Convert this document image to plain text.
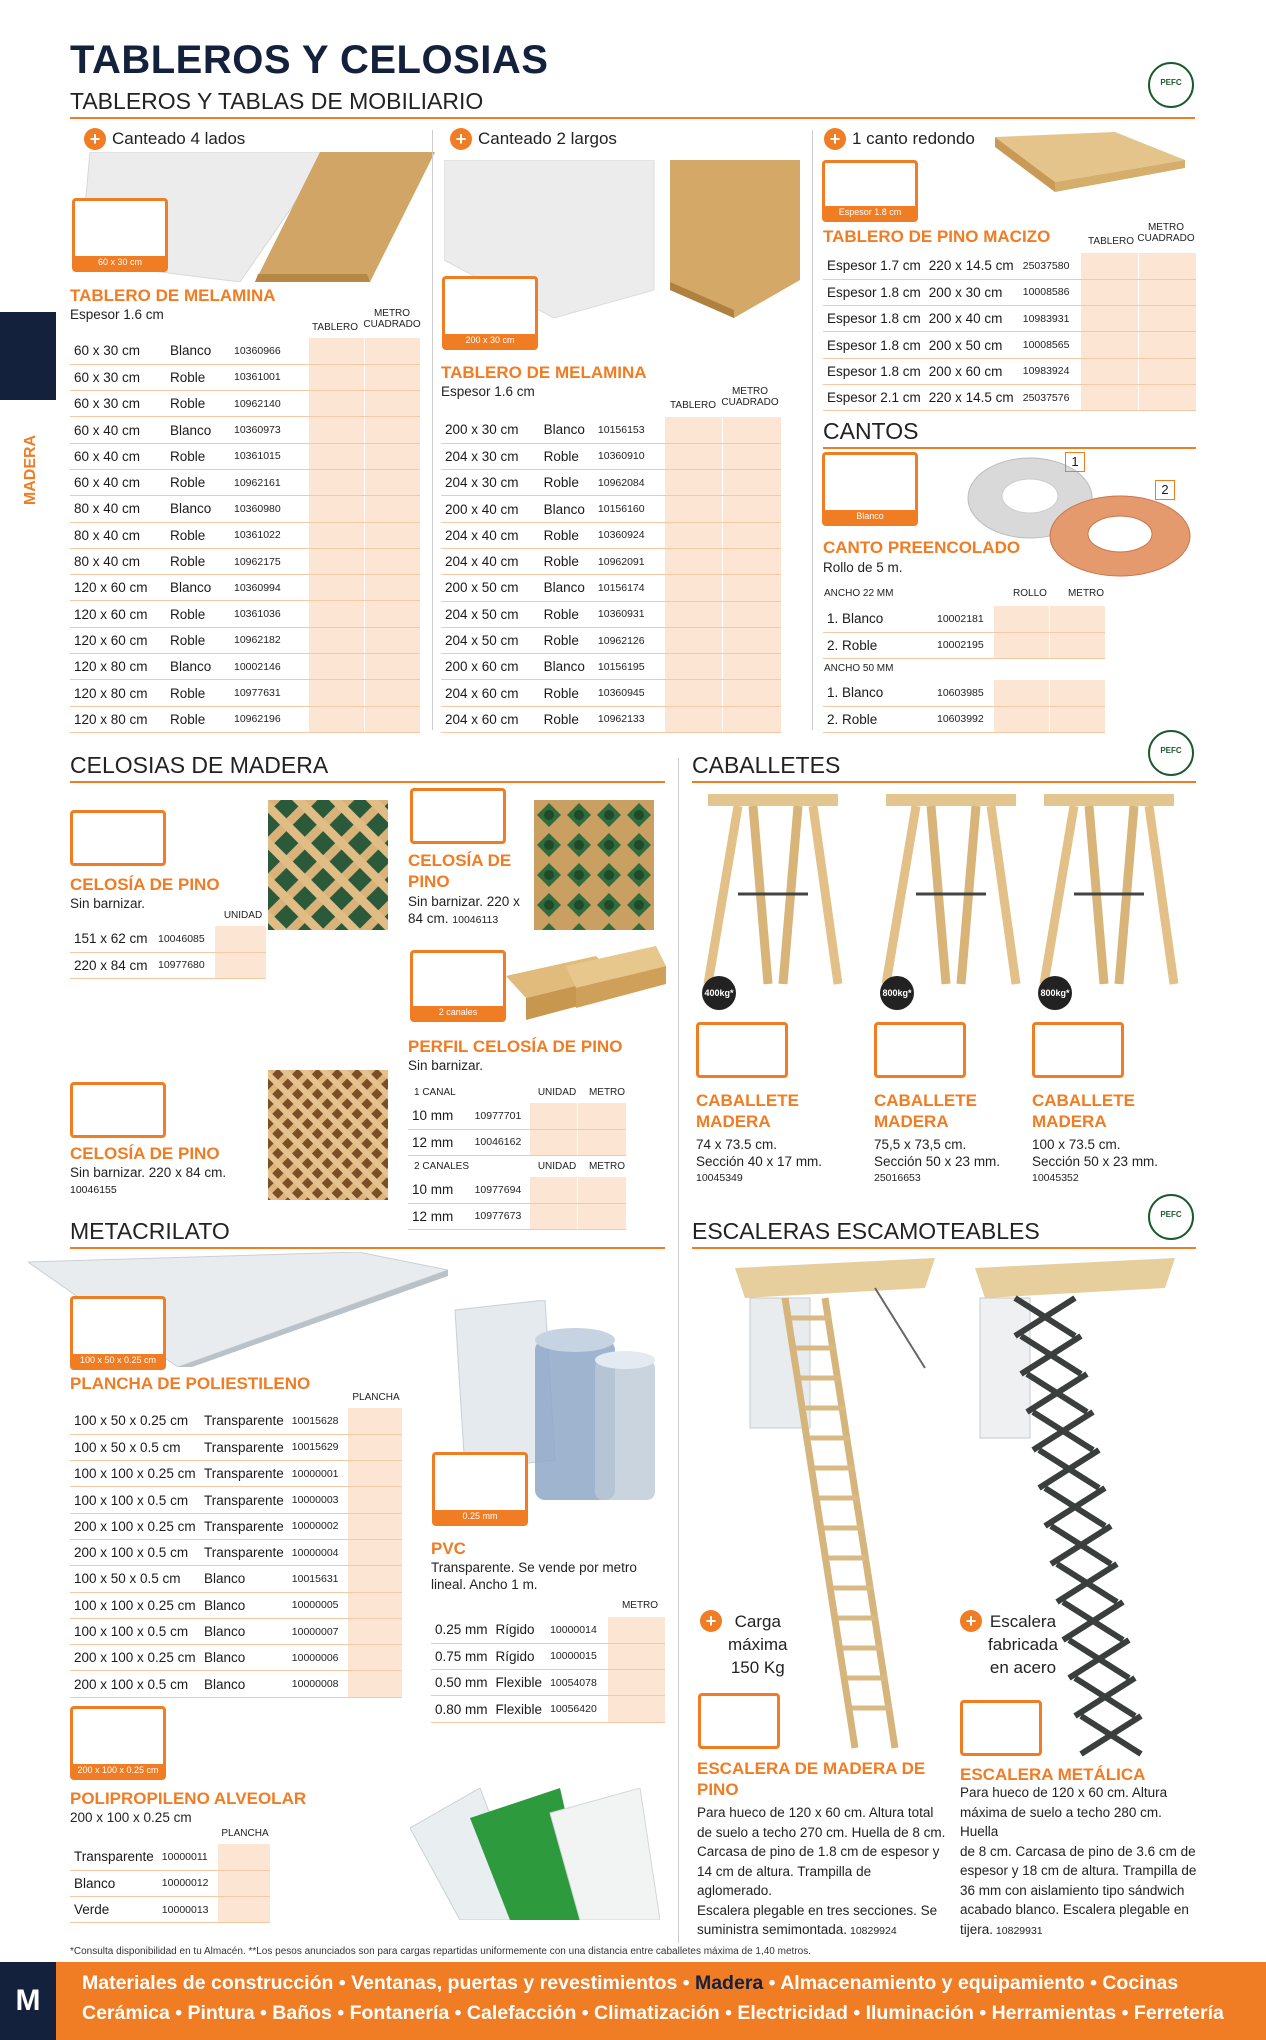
TABLEROS Y CELOSIAS
TABLEROS Y TABLAS DE MOBILIARIO
PEFC
MADERA
+ Canteado 4 lados
60 x 30 cm
TABLERO DE MELAMINA
Espesor 1.6 cm
TABLERO
METRO CUADRADO
60 x 30 cm	Blanco	10360966		
60 x 30 cm	Roble	10361001		
60 x 30 cm	Roble	10962140		
60 x 40 cm	Blanco	10360973		
60 x 40 cm	Roble	10361015		
60 x 40 cm	Roble	10962161		
80 x 40 cm	Blanco	10360980		
80 x 40 cm	Roble	10361022		
80 x 40 cm	Roble	10962175		
120 x 60 cm	Blanco	10360994		
120 x 60 cm	Roble	10361036		
120 x 60 cm	Roble	10962182		
120 x 80 cm	Blanco	10002146		
120 x 80 cm	Roble	10977631		
120 x 80 cm	Roble	10962196		
+ Canteado 2 largos
200 x 30 cm
TABLERO DE MELAMINA
Espesor 1.6 cm
TABLERO
METRO CUADRADO
200 x 30 cm	Blanco	10156153		
204 x 30 cm	Roble	10360910		
204 x 30 cm	Roble	10962084		
200 x 40 cm	Blanco	10156160		
204 x 40 cm	Roble	10360924		
204 x 40 cm	Roble	10962091		
200 x 50 cm	Blanco	10156174		
204 x 50 cm	Roble	10360931		
204 x 50 cm	Roble	10962126		
200 x 60 cm	Blanco	10156195		
204 x 60 cm	Roble	10360945		
204 x 60 cm	Roble	10962133		
+ 1 canto redondo
Espesor 1.8 cm
TABLERO DE PINO MACIZO	TABLERO
METRO CUADRADO
Espesor 1.7 cm	220 x 14.5 cm	25037580		
Espesor 1.8 cm	200 x 30 cm	10008586		
Espesor 1.8 cm	200 x 40 cm	10983931		
Espesor 1.8 cm	200 x 50 cm	10008565		
Espesor 1.8 cm	200 x 60 cm	10983924		
Espesor 2.1 cm	220 x 14.5 cm	25037576		
CANTOS
1
2
Blanco
CANTO PREENCOLADO
Rollo de 5 m.
ANCHO 22 MM	ROLLO	METRO
1. Blanco	10002181		
2. Roble	10002195		
ANCHO 50 MM
1. Blanco	10603985		
2. Roble	10603992		
CELOSIAS DE MADERA
CELOSÍA DE PINO
Sin barnizar.
UNIDAD
151 x 62 cm	10046085	
220 x 84 cm	10977680	
CELOSÍA DE
PINO
Sin barnizar. 220 x
84 cm. 10046113
2 canales
PERFIL CELOSÍA DE PINO
Sin barnizar.
1 CANAL	UNIDAD	METRO
10 mm	10977701		
12 mm	10046162		
2 CANALES	UNIDAD	METRO
10 mm	10977694		
12 mm	10977673		
CELOSÍA DE PINO
Sin barnizar. 220 x 84 cm.
10046155
CABALLETES
PEFC
400kg*
CABALLETE
MADERA
74 x 73.5 cm.
Sección 40 x 17 mm.
10045349
800kg*
CABALLETE
MADERA
75,5 x 73,5 cm.
Sección 50 x 23 mm.
25016653
800kg*
CABALLETE
MADERA
100 x 73.5 cm.
Sección 50 x 23 mm.
10045352
METACRILATO
100 x 50 x 0.25 cm
PLANCHA DE POLIESTILENO
PLANCHA
100 x 50 x 0.25 cm	Transparente	10015628	
100 x 50 x 0.5 cm	Transparente	10015629	
100 x 100 x 0.25 cm	Transparente	10000001	
100 x 100 x 0.5 cm	Transparente	10000003	
200 x 100 x 0.25 cm	Transparente	10000002	
200 x 100 x 0.5 cm	Transparente	10000004	
100 x 50 x 0.5 cm	Blanco	10015631	
100 x 100 x 0.25 cm	Blanco	10000005	
100 x 100 x 0.5 cm	Blanco	10000007	
200 x 100 x 0.25 cm	Blanco	10000006	
200 x 100 x 0.5 cm	Blanco	10000008	
0.25 mm
PVC
Transparente. Se vende por metro
lineal. Ancho 1 m.
METRO
0.25 mm	Rígido	10000014	
0.75 mm	Rígido	10000015	
0.50 mm	Flexible	10054078	
0.80 mm	Flexible	10056420	
200 x 100 x 0.25 cm
POLIPROPILENO ALVEOLAR
200 x 100 x 0.25 cm
PLANCHA
Transparente	10000011	
Blanco	10000012	
Verde	10000013	
ESCALERAS ESCAMOTEABLES
PEFC
+	Carga
máxima
150 Kg
ESCALERA DE MADERA DE
PINO
Para hueco de 120 x 60 cm. Altura total
de suelo a techo 270 cm. Huella de 8 cm.
Carcasa de pino de 1.8 cm de espesor y
14 cm de altura. Trampilla de aglomerado.
Escalera plegable en tres secciones. Se
suministra semimontada. 10829924
+ Escalera
fabricada
en acero
ESCALERA METÁLICA
Para hueco de 120 x 60 cm. Altura
máxima de suelo a techo 280 cm. Huella
de 8 cm. Carcasa de pino de 3.6 cm de
espesor y 18 cm de altura. Trampilla de
36 mm con aislamiento tipo sándwich
acabado blanco. Escalera plegable en
tijera. 10829931
*Consulta disponibilidad en tu Almacén. **Los pesos anunciados son para cargas repartidas uniformemente con una distancia entre caballetes máxima de 1,40 metros.
M
Materiales de construcción • Ventanas, puertas y revestimientos • Madera • Almacenamiento y equipamiento • Cocinas
Cerámica • Pintura • Baños • Fontanería • Calefacción • Climatización • Electricidad • Iluminación • Herramientas • Ferretería
